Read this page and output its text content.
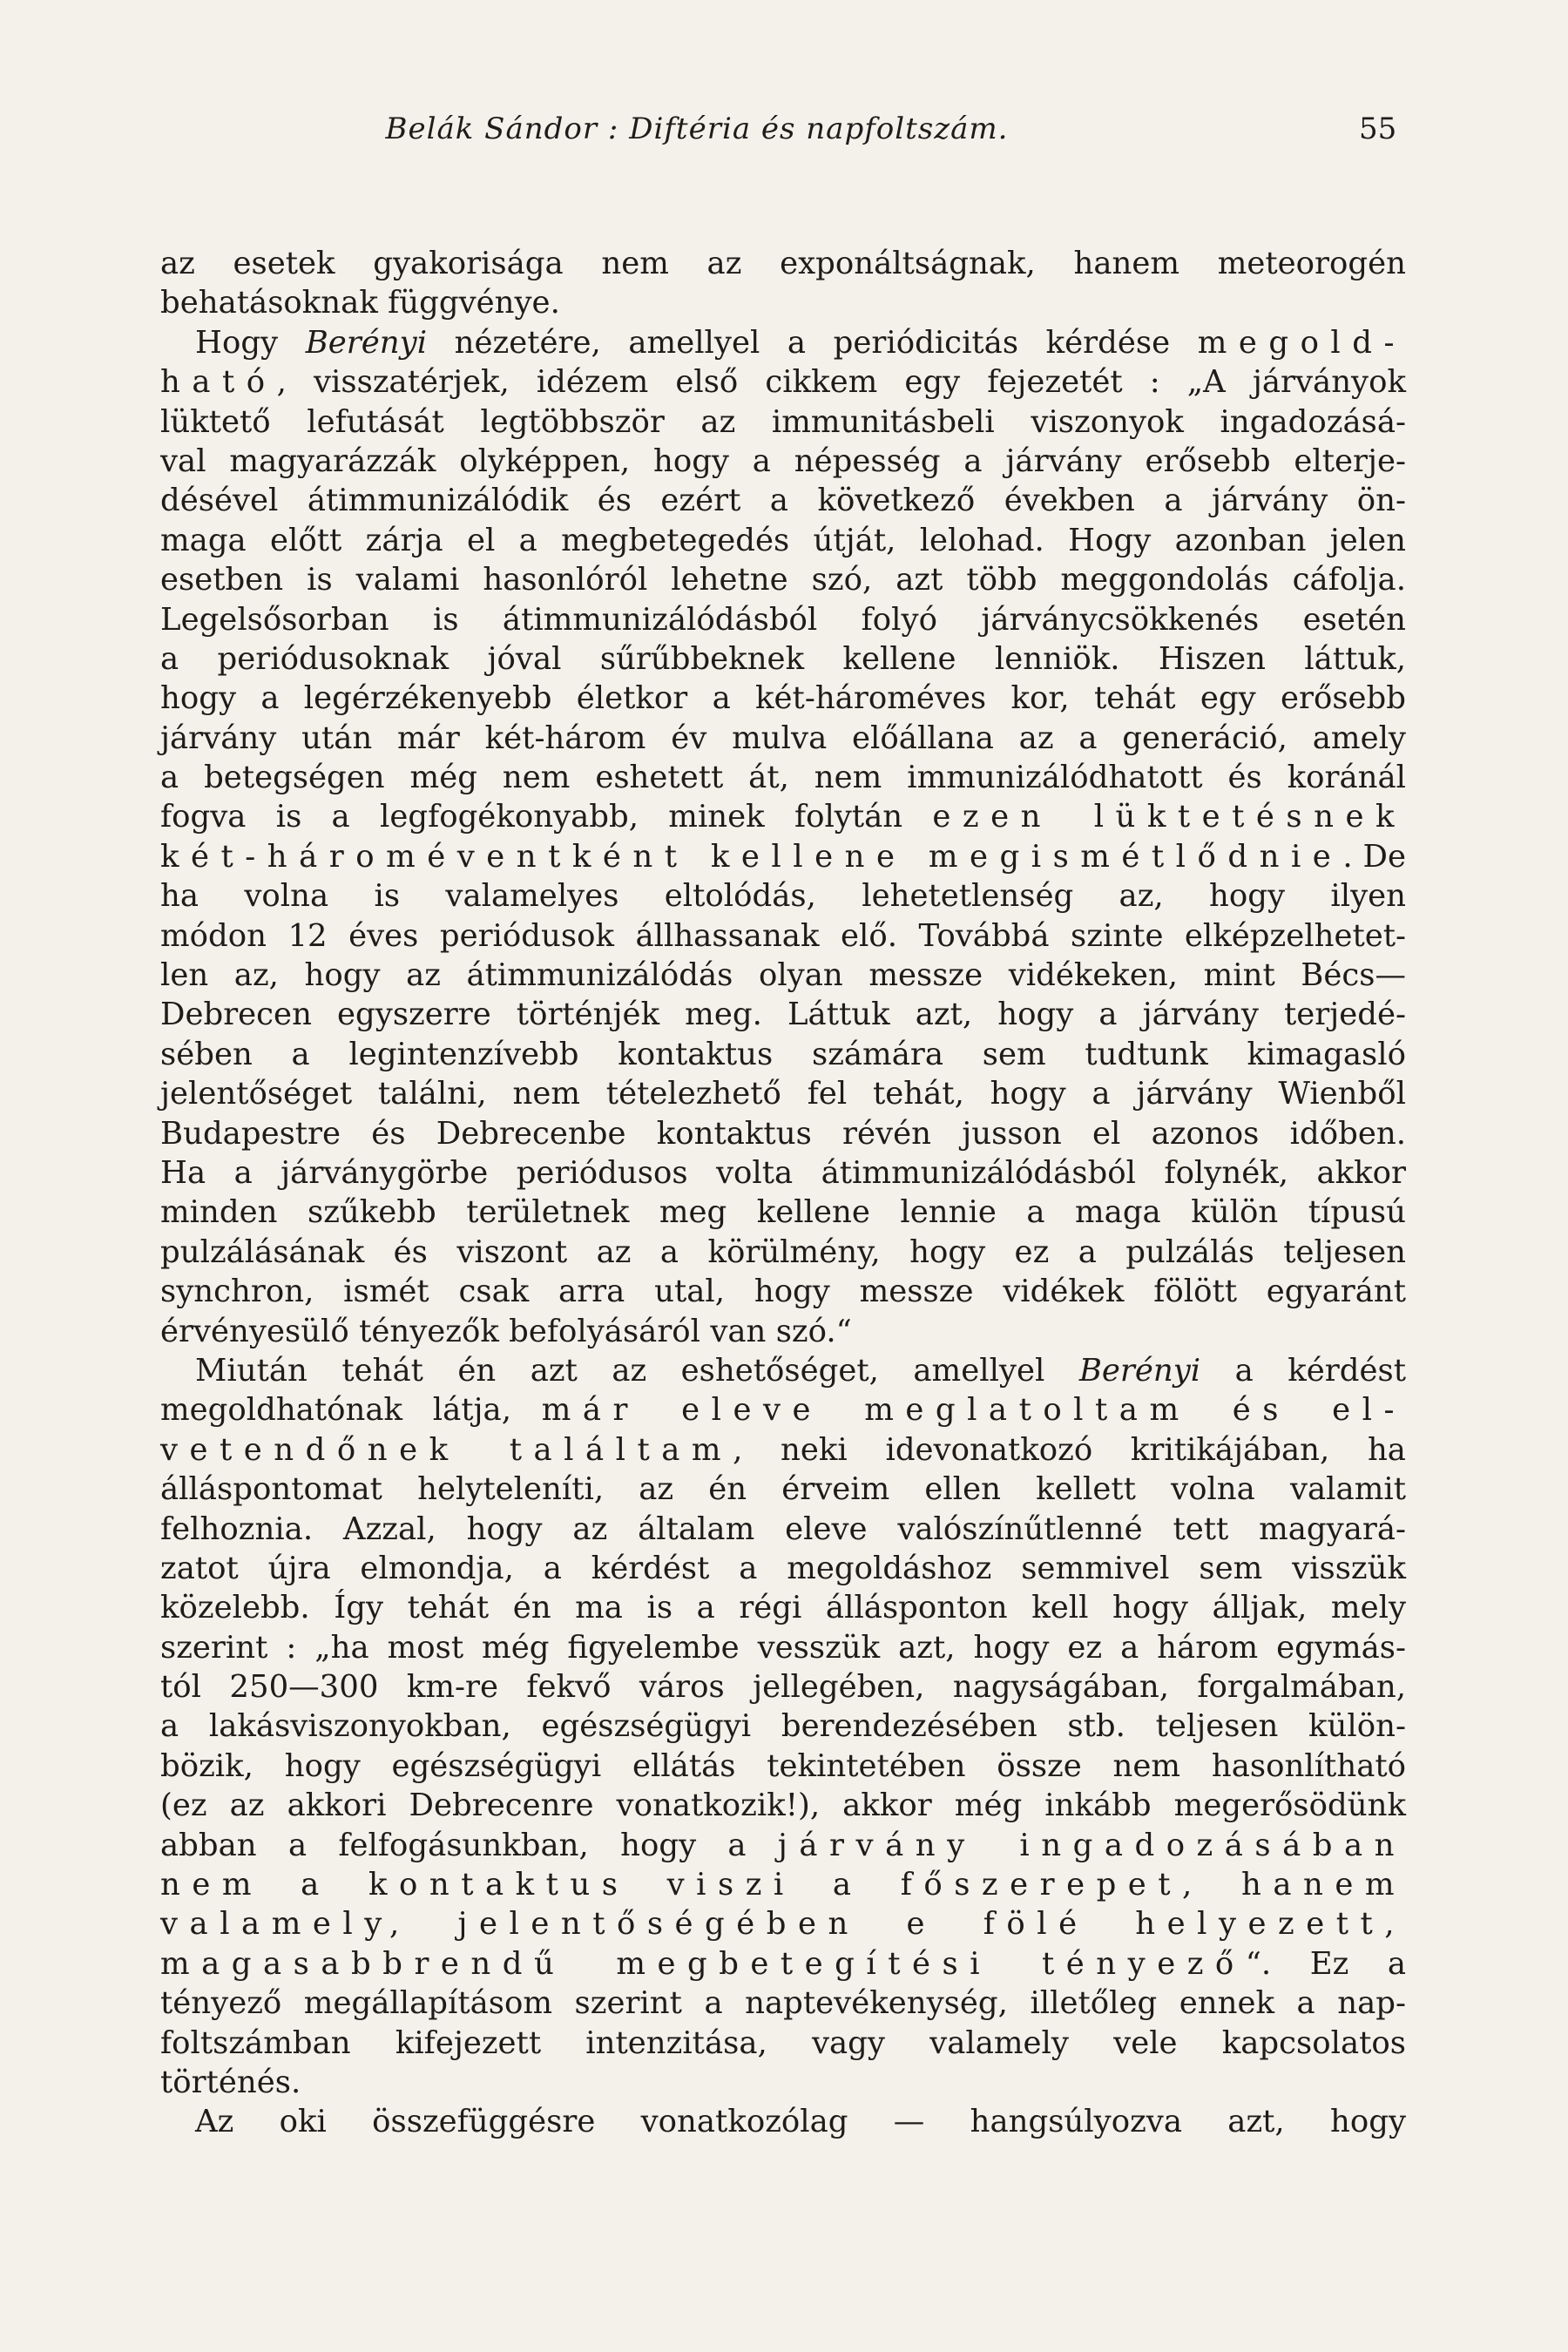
Belák Sándor : Diftéria és napfoltszám.	55
az esetek gyakorisága nem az exponáltságnak, hanem meteorogén
behatásoknak függvénye.
Hogy Berényi nézetére, amellyel a periódicitás kérdése megold-
ható, visszatérjek, idézem első cikkem egy fejezetét : „A járványok
lüktető lefutását legtöbbször az immunitásbeli viszonyok ingadozásá-
val magyarázzák olyképpen, hogy a népesség a járvány erősebb elterje-
désével átimmunizálódik és ezért a következő években a járvány ön-
maga előtt zárja el a megbetegedés útját, lelohad. Hogy azonban jelen
esetben is valami hasonlóról lehetne szó, azt több meggondolás cáfolja.
Legelsősorban is átimmunizálódásból folyó járványcsökkenés esetén
a periódusoknak jóval sűrűbbeknek kellene lenniök. Hiszen láttuk,
hogy a legérzékenyebb életkor a két-hároméves kor, tehát egy erősebb
járvány után már két-három év mulva előállana az a generáció, amely
a betegségen még nem eshetett át, nem immunizálódhatott és koránál
fogva is a legfogékonyabb, minek folytán ezen lüktetésnek
két-hároméventként kellene megismétlődnie. De
ha volna is valamelyes eltolódás, lehetetlenség az, hogy ilyen
módon 12 éves periódusok állhassanak elő. Továbbá szinte elképzelhetet-
len az, hogy az átimmunizálódás olyan messze vidékeken, mint Bécs—
Debrecen egyszerre történjék meg. Láttuk azt, hogy a járvány terjedé-
sében a legintenzívebb kontaktus számára sem tudtunk kimagasló
jelentőséget találni, nem tételezhető fel tehát, hogy a járvány Wienből
Budapestre és Debrecenbe kontaktus révén jusson el azonos időben.
Ha a járványgörbe periódusos volta átimmunizálódásból folynék, akkor
minden szűkebb területnek meg kellene lennie a maga külön típusú
pulzálásának és viszont az a körülmény, hogy ez a pulzálás teljesen
synchron, ismét csak arra utal, hogy messze vidékek fölött egyaránt
érvényesülő tényezők befolyásáról van szó.“
Miután tehát én azt az eshetőséget, amellyel Berényi a kérdést
megoldhatónak látja, már eleve meglatoltam és el-
vetendőnek találtam, neki idevonatkozó kritikájában, ha
álláspontomat helyteleníti, az én érveim ellen kellett volna valamit
felhoznia. Azzal, hogy az általam eleve valószínűtlenné tett magyará-
zatot újra elmondja, a kérdést a megoldáshoz semmivel sem visszük
közelebb. Így tehát én ma is a régi állásponton kell hogy álljak, mely
szerint : „ha most még figyelembe vesszük azt, hogy ez a három egymás-
tól 250—300 km-re fekvő város jellegében, nagyságában, forgalmában,
a lakásviszonyokban, egészségügyi berendezésében stb. teljesen külön-
bözik, hogy egészségügyi ellátás tekintetében össze nem hasonlítható
(ez az akkori Debrecenre vonatkozik!), akkor még inkább megerősödünk
abban a felfogásunkban, hogy a járvány ingadozásában
nem a kontaktus viszi a főszerepet, hanem
valamely, jelentőségében e fölé helyezett,
magasabbrendű megbetegítési tényező“. Ez a
tényező megállapításom szerint a naptevékenység, illetőleg ennek a nap-
foltszámban kifejezett intenzitása, vagy valamely vele kapcsolatos
történés.
Az oki összefüggésre vonatkozólag — hangsúlyozva azt, hogy
